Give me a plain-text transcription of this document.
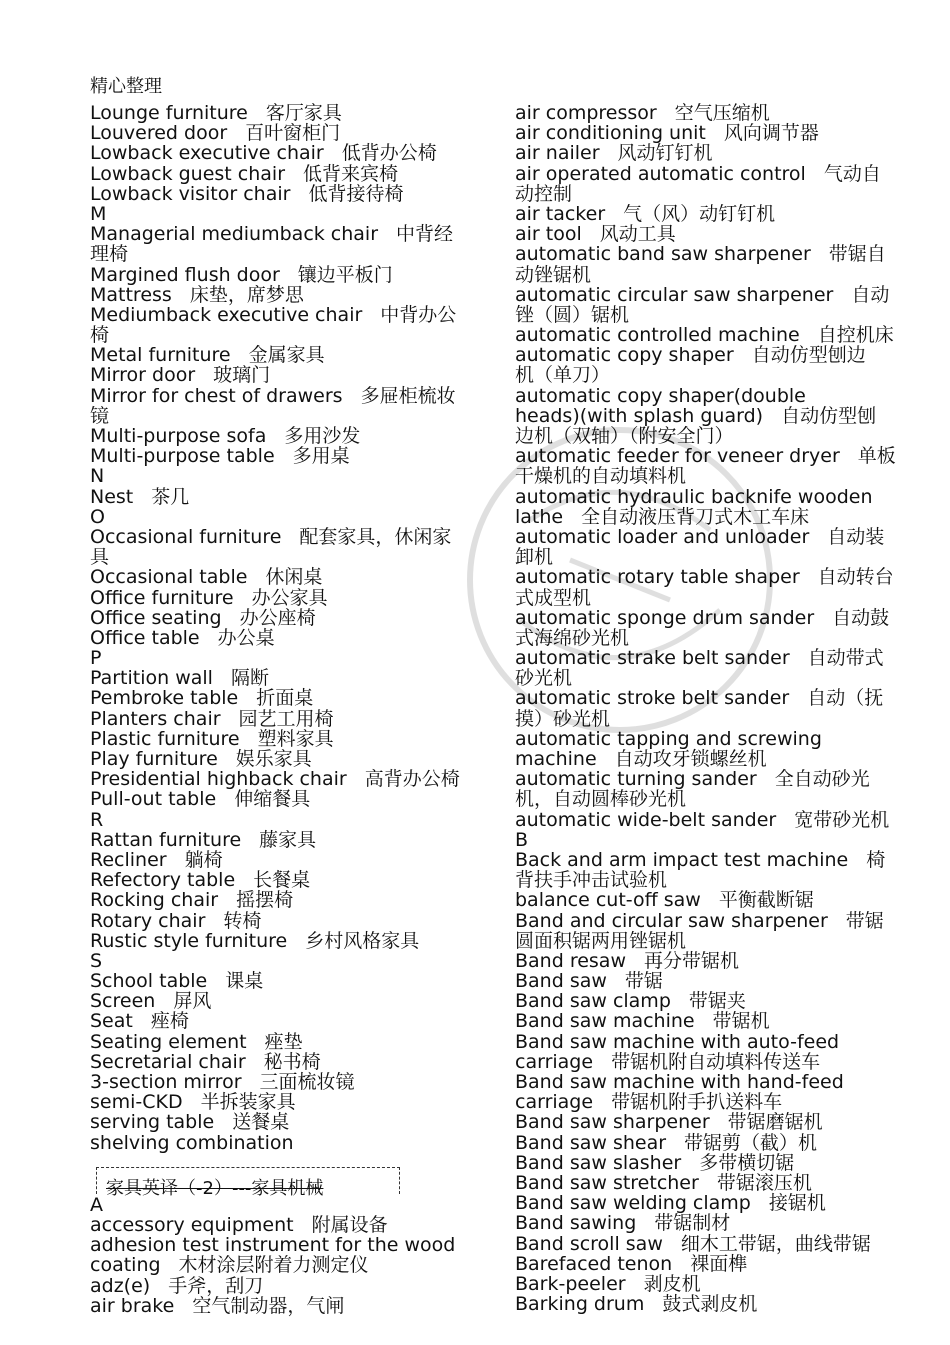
精心整理
Lounge furniture 客厅家具
Louvered door 百叶窗柜门
Lowback executive chair 低背办公椅
Lowback guest chair 低背来宾椅
Lowback visitor chair 低背接待椅
M
Managerial mediumback chair 中背经
理椅
Margined flush door 镶边平板门
Mattress 床垫，席梦思
Mediumback executive chair 中背办公
椅
Metal furniture 金属家具
Mirror door 玻璃门
Mirror for chest of drawers 多屉柜梳妆
镜
Multi-purpose sofa 多用沙发
Multi-purpose table 多用桌
N
Nest 茶几
O
Occasional furniture 配套家具，休闲家
具
Occasional table 休闲桌
Office furniture 办公家具
Office seating 办公座椅
Office table 办公桌
P
Partition wall 隔断
Pembroke table 折面桌
Planters chair 园艺工用椅
Plastic furniture 塑料家具
Play furniture 娱乐家具
Presidential highback chair 高背办公椅
Pull-out table 伸缩餐具
R
Rattan furniture 藤家具
Recliner 躺椅
Refectory table 长餐桌
Rocking chair 摇摆椅
Rotary chair 转椅
Rustic style furniture 乡村风格家具
S
School table 课桌
Screen 屏风
Seat 痤椅
Seating element 痤垫
Secretarial chair 秘书椅
3-section mirror 三面梳妆镜
semi-CKD 半拆装家具
serving table 送餐桌
shelving combination
家具英译（-2）---家具机械
A
accessory equipment 附属设备
adhesion test instrument for the wood
coating 木材涂层附着力测定仪
adz(e) 手斧，刮刀
air brake 空气制动器，气闸
air compressor 空气压缩机
air conditioning unit 风向调节器
air nailer 风动钉钉机
air operated automatic control 气动自
动控制
air tacker 气（风）动钉钉机
air tool 风动工具
automatic band saw sharpener 带锯自
动锉锯机
automatic circular saw sharpener 自动
锉（圆）锯机
automatic controlled machine 自控机床
automatic copy shaper 自动仿型刨边
机（单刀）
automatic copy shaper(double
heads)(with splash guard) 自动仿型刨
边机（双轴）（附安全门）
automatic feeder for veneer dryer 单板
干燥机的自动填料机
automatic hydraulic backnife wooden
lathe 全自动液压背刀式木工车床
automatic loader and unloader 自动装
卸机
automatic rotary table shaper 自动转台
式成型机
automatic sponge drum sander 自动鼓
式海绵砂光机
automatic strake belt sander 自动带式
砂光机
automatic stroke belt sander 自动（抚
摸）砂光机
automatic tapping and screwing
machine 自动攻牙锁螺丝机
automatic turning sander 全自动砂光
机，自动圆棒砂光机
automatic wide-belt sander 宽带砂光机
B
Back and arm impact test machine 椅
背扶手冲击试验机
balance cut-off saw 平衡截断锯
Band and circular saw sharpener 带锯
圆面积锯两用锉锯机
Band resaw 再分带锯机
Band saw 带锯
Band saw clamp 带锯夹
Band saw machine 带锯机
Band saw machine with auto-feed
carriage 带锯机附自动填料传送车
Band saw machine with hand-feed
carriage 带锯机附手扒送料车
Band saw sharpener 带锯磨锯机
Band saw shear 带锯剪（截）机
Band saw slasher 多带横切锯
Band saw stretcher 带锯滚压机
Band saw welding clamp 接锯机
Band sawing 带锯制材
Band scroll saw 细木工带锯，曲线带锯
Barefaced tenon 裸面榫
Bark-peeler 剥皮机
Barking drum 鼓式剥皮机
